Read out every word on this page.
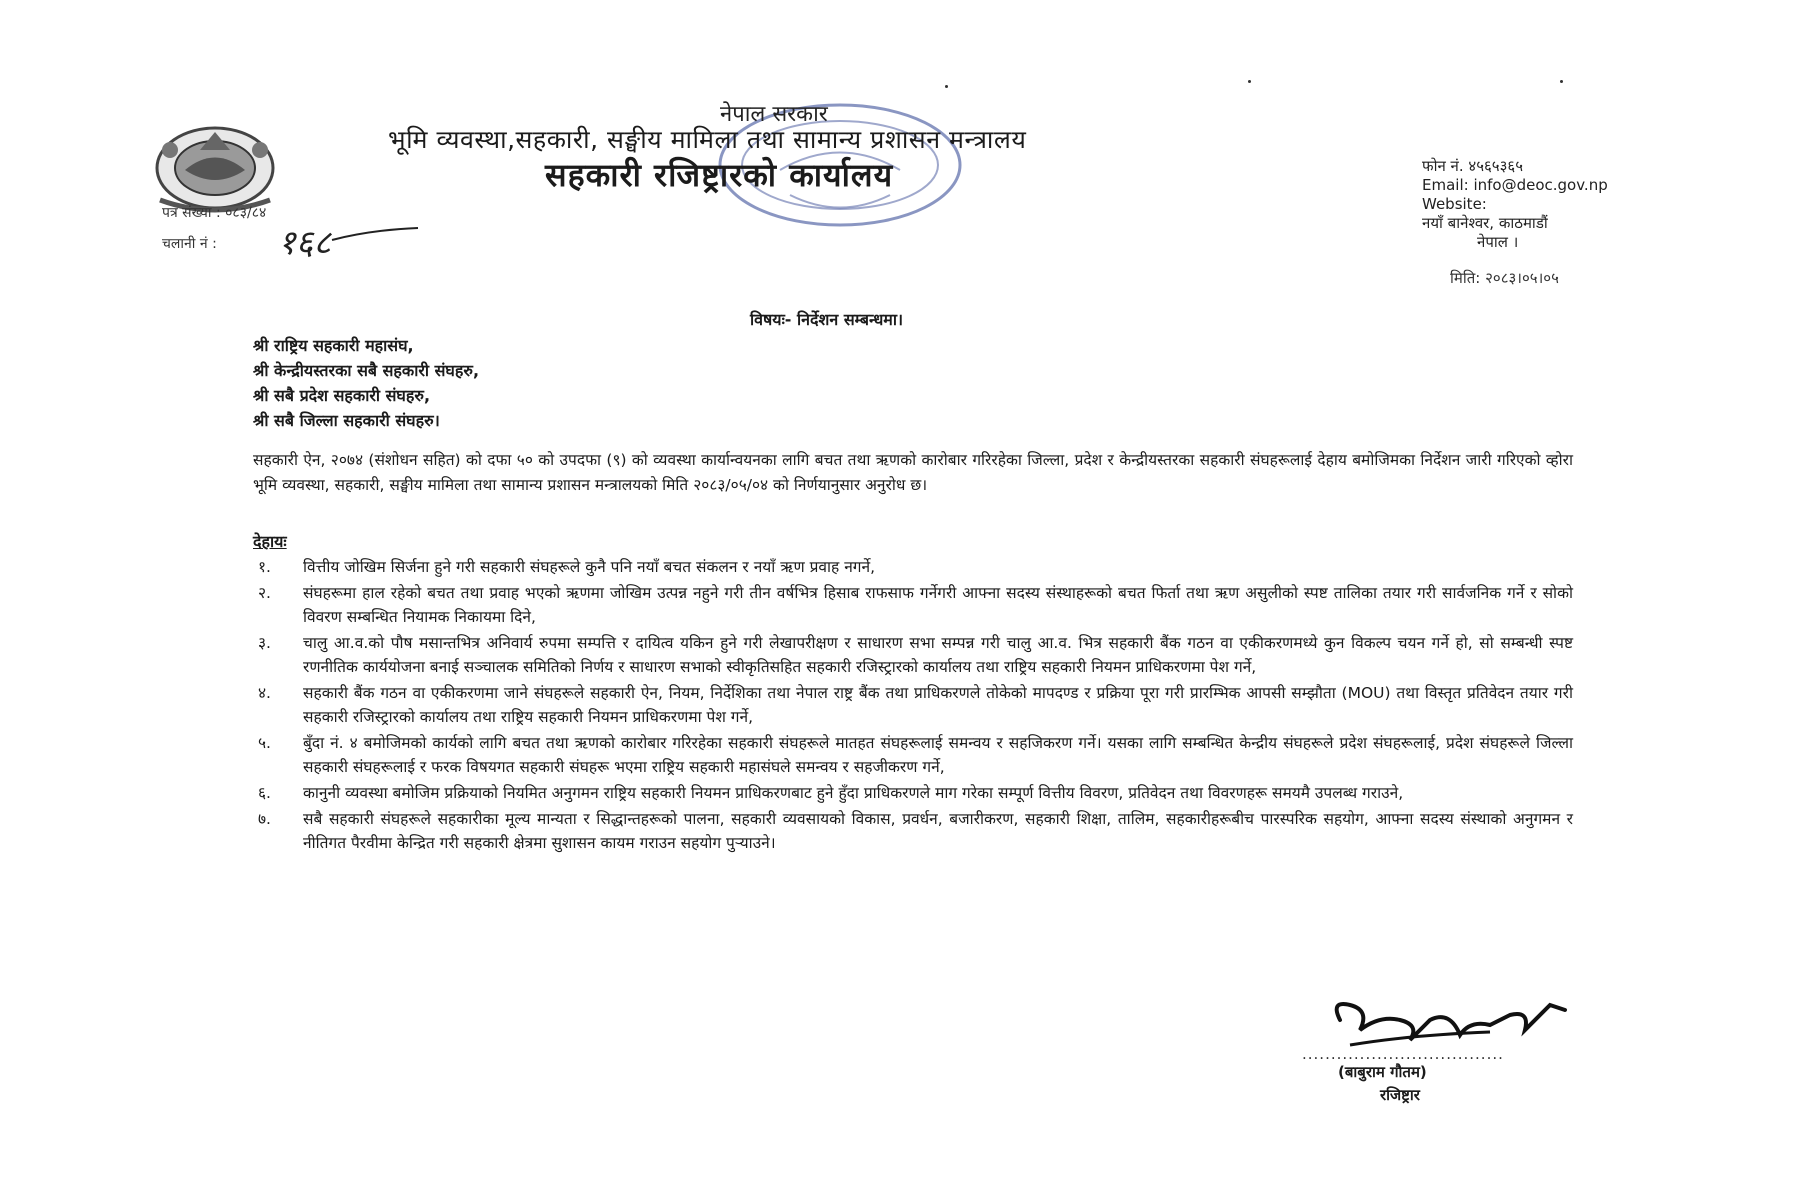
नेपाल सरकार
भूमि व्यवस्था,सहकारी, सङ्घीय मामिला तथा सामान्य प्रशासन मन्त्रालय
सहकारी रजिष्ट्रारको कार्यालय	फोन नं. ४५६५३६५
Email: info@deoc.gov.np
Website:
नयाँ बानेश्वर, काठमाडौं
नेपाल ।
पत्र संख्या : ०८३/८४
चलानी नं : १६८
मिति: २०८३।०५।०५
विषयः- निर्देशन सम्बन्धमा।
श्री राष्ट्रिय सहकारी महासंघ,
श्री केन्द्रीयस्तरका सबै सहकारी संघहरु,
श्री सबै प्रदेश सहकारी संघहरु,
श्री सबै जिल्ला सहकारी संघहरु।
सहकारी ऐन, २०७४ (संशोधन सहित) को दफा ५० को उपदफा (९) को व्यवस्था कार्यान्वयनका लागि बचत तथा ऋणको कारोबार गरिरहेका जिल्ला, प्रदेश र केन्द्रीयस्तरका सहकारी संघहरूलाई देहाय बमोजिमका निर्देशन जारी गरिएको व्होरा भूमि व्यवस्था, सहकारी, सङ्घीय मामिला तथा सामान्य प्रशासन मन्त्रालयको मिति २०८३/०५/०४ को निर्णयानुसार अनुरोध छ।
देहायः
१.	वित्तीय जोखिम सिर्जना हुने गरी सहकारी संघहरूले कुनै पनि नयाँ बचत संकलन र नयाँ ऋण प्रवाह नगर्ने,
२.	संघहरूमा हाल रहेको बचत तथा प्रवाह भएको ऋणमा जोखिम उत्पन्न नहुने गरी तीन वर्षभित्र हिसाब राफसाफ गर्नेगरी आफ्ना सदस्य संस्थाहरूको बचत फिर्ता तथा ऋण असुलीको स्पष्ट तालिका तयार गरी सार्वजनिक गर्ने र सोको विवरण सम्बन्धित नियामक निकायमा दिने,
३.	चालु आ.व.को पौष मसान्तभित्र अनिवार्य रुपमा सम्पत्ति र दायित्व यकिन हुने गरी लेखापरीक्षण र साधारण सभा सम्पन्न गरी चालु आ.व. भित्र सहकारी बैंक गठन वा एकीकरणमध्ये कुन विकल्प चयन गर्ने हो, सो सम्बन्धी स्पष्ट रणनीतिक कार्ययोजना बनाई सञ्चालक समितिको निर्णय र साधारण सभाको स्वीकृतिसहित सहकारी रजिस्ट्रारको कार्यालय तथा राष्ट्रिय सहकारी नियमन प्राधिकरणमा पेश गर्ने,
४.	सहकारी बैंक गठन वा एकीकरणमा जाने संघहरूले सहकारी ऐन, नियम, निर्देशिका तथा नेपाल राष्ट्र बैंक तथा प्राधिकरणले तोकेको मापदण्ड र प्रक्रिया पूरा गरी प्रारम्भिक आपसी सम्झौता (MOU) तथा विस्तृत प्रतिवेदन तयार गरी सहकारी रजिस्ट्रारको कार्यालय तथा राष्ट्रिय सहकारी नियमन प्राधिकरणमा पेश गर्ने,
५.	बुँदा नं. ४ बमोजिमको कार्यको लागि बचत तथा ऋणको कारोबार गरिरहेका सहकारी संघहरूले मातहत संघहरूलाई समन्वय र सहजिकरण गर्ने। यसका लागि सम्बन्धित केन्द्रीय संघहरूले प्रदेश संघहरूलाई, प्रदेश संघहरूले जिल्ला सहकारी संघहरूलाई र फरक विषयगत सहकारी संघहरू भएमा राष्ट्रिय सहकारी महासंघले समन्वय र सहजीकरण गर्ने,
६.	कानुनी व्यवस्था बमोजिम प्रक्रियाको नियमित अनुगमन राष्ट्रिय सहकारी नियमन प्राधिकरणबाट हुने हुँदा प्राधिकरणले माग गरेका सम्पूर्ण वित्तीय विवरण, प्रतिवेदन तथा विवरणहरू समयमै उपलब्ध गराउने,
७.	सबै सहकारी संघहरूले सहकारीका मूल्य मान्यता र सिद्धान्तहरूको पालना, सहकारी व्यवसायको विकास, प्रवर्धन, बजारीकरण, सहकारी शिक्षा, तालिम, सहकारीहरूबीच पारस्परिक सहयोग, आफ्ना सदस्य संस्थाको अनुगमन र नीतिगत पैरवीमा केन्द्रित गरी सहकारी क्षेत्रमा सुशासन कायम गराउन सहयोग पुऱ्याउने।
...................................
(बाबुराम गौतम)
रजिष्ट्रार
